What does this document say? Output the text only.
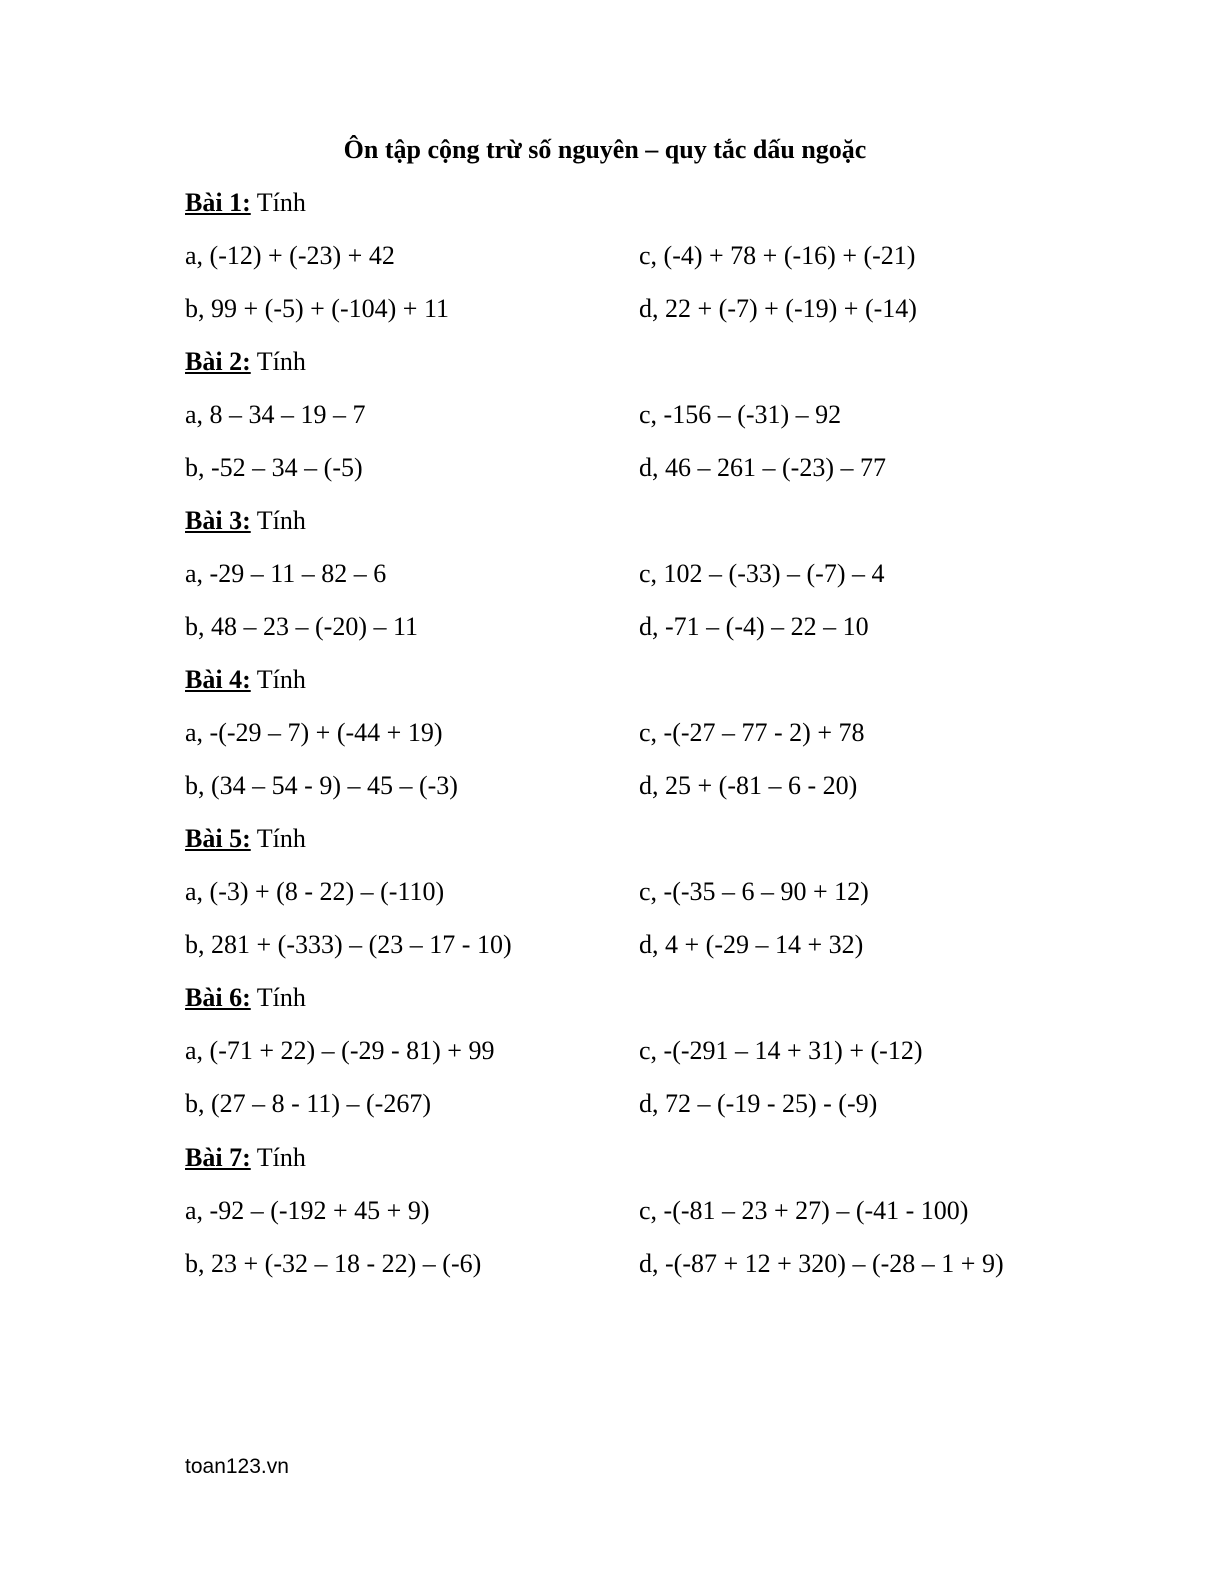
Ôn tập cộng trừ số nguyên – quy tắc dấu ngoặc
Bài 1: Tính
a, (-12) + (-23) + 42	c, (-4) + 78 + (-16) + (-21)
b, 99 + (-5) + (-104) + 11	d, 22 + (-7) + (-19) + (-14)
Bài 2: Tính
a, 8 – 34 – 19 – 7	c, -156 – (-31) – 92
b, -52 – 34 – (-5)	d, 46 – 261 – (-23) – 77
Bài 3: Tính
a, -29 – 11 – 82 – 6	c, 102 – (-33) – (-7) – 4
b, 48 – 23 – (-20) – 11	d, -71 – (-4) – 22 – 10
Bài 4: Tính
a, -(-29 – 7) + (-44 + 19)	c, -(-27 – 77 - 2) + 78
b, (34 – 54 - 9) – 45 – (-3)	d, 25 + (-81 – 6 - 20)
Bài 5: Tính
a, (-3) + (8 - 22) – (-110)	c, -(-35 – 6 – 90 + 12)
b, 281 + (-333) – (23 – 17 - 10)	d, 4 + (-29 – 14 + 32)
Bài 6: Tính
a, (-71 + 22) – (-29 - 81) + 99	c, -(-291 – 14 + 31) + (-12)
b, (27 – 8 - 11) – (-267)	d, 72 – (-19 - 25) - (-9)
Bài 7: Tính
a, -92 – (-192 + 45 + 9)	c, -(-81 – 23 + 27) – (-41 - 100)
b, 23 + (-32 – 18 - 22) – (-6)	d, -(-87 + 12 + 320) – (-28 – 1 + 9)
toan123.vn
